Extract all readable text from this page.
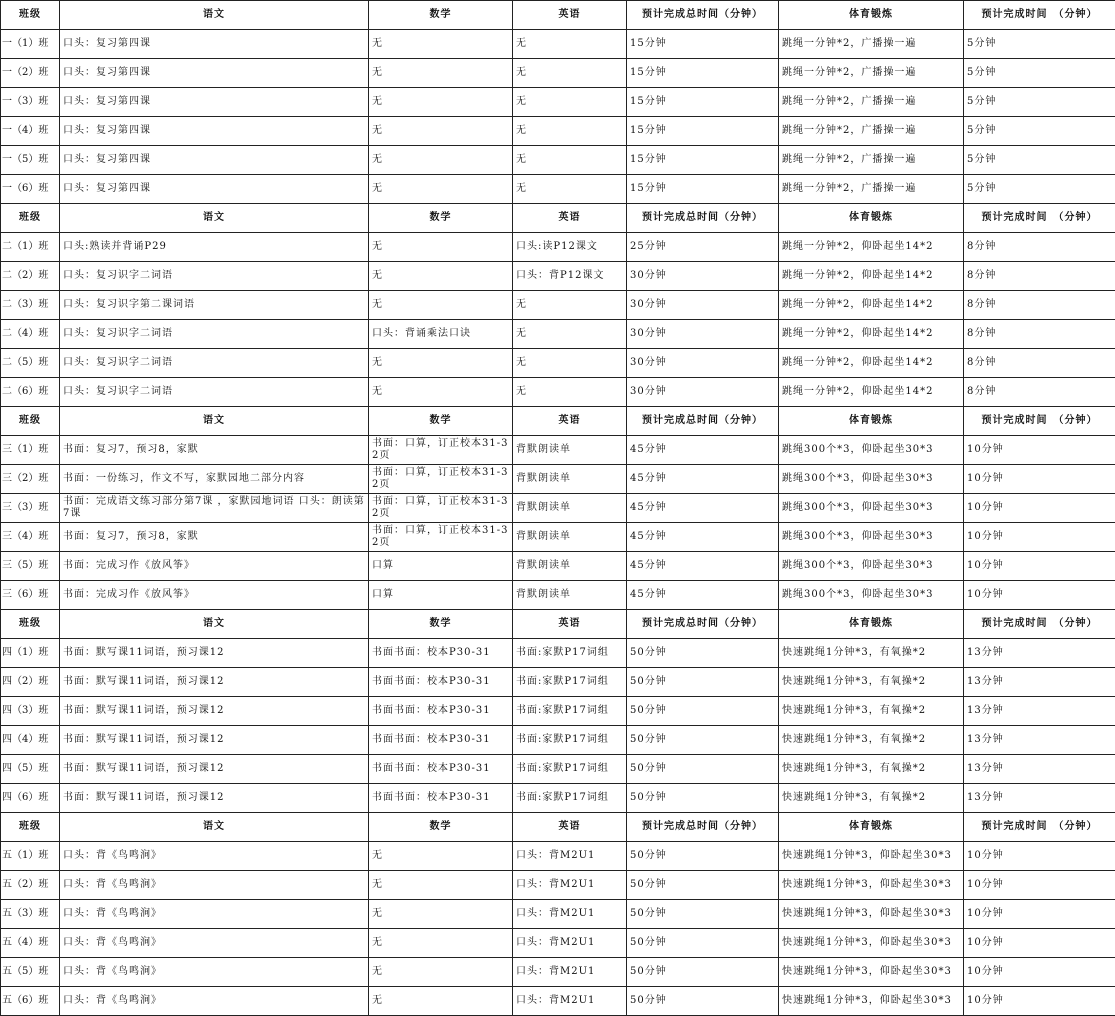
班级	语文	数学	英语	预计完成总时间（分钟）	体育锻炼	预计完成时间　（分钟）
一（1）班	口头：复习第四课	无	无	15分钟	跳绳一分钟*2，广播操一遍	5分钟
一（2）班	口头：复习第四课	无	无	15分钟	跳绳一分钟*2，广播操一遍	5分钟
一（3）班	口头：复习第四课	无	无	15分钟	跳绳一分钟*2，广播操一遍	5分钟
一（4）班	口头：复习第四课	无	无	15分钟	跳绳一分钟*2，广播操一遍	5分钟
一（5）班	口头：复习第四课	无	无	15分钟	跳绳一分钟*2，广播操一遍	5分钟
一（6）班	口头：复习第四课	无	无	15分钟	跳绳一分钟*2，广播操一遍	5分钟
班级	语文	数学	英语	预计完成总时间（分钟）	体育锻炼	预计完成时间　（分钟）
二（1）班	口头:熟读并背诵P29	无	口头:读P12课文	25分钟	跳绳一分钟*2，仰卧起坐14*2	8分钟
二（2）班	口头：复习识字二词语	无	口头：背P12课文	30分钟	跳绳一分钟*2，仰卧起坐14*2	8分钟
二（3）班	口头：复习识字第二课词语	无	无	30分钟	跳绳一分钟*2，仰卧起坐14*2	8分钟
二（4）班	口头：复习识字二词语	口头：背诵乘法口诀	无	30分钟	跳绳一分钟*2，仰卧起坐14*2	8分钟
二（5）班	口头：复习识字二词语	无	无	30分钟	跳绳一分钟*2，仰卧起坐14*2	8分钟
二（6）班	口头：复习识字二词语	无	无	30分钟	跳绳一分钟*2，仰卧起坐14*2	8分钟
班级	语文	数学	英语	预计完成总时间（分钟）	体育锻炼	预计完成时间　（分钟）
三（1）班	书面：复习7，预习8，家默	书面：口算，订正校本31-32页	背默朗读单	45分钟	跳绳300个*3，仰卧起坐30*3	10分钟
三（2）班	书面：一份练习，作文不写，家默园地二部分内容	书面：口算，订正校本31-32页	背默朗读单	45分钟	跳绳300个*3，仰卧起坐30*3	10分钟
三（3）班	书面：完成语文练习部分第7课 ，家默园地词语 口头：朗读第7课	书面：口算，订正校本31-32页	背默朗读单	45分钟	跳绳300个*3，仰卧起坐30*3	10分钟
三（4）班	书面：复习7，预习8，家默	书面：口算，订正校本31-32页	背默朗读单	45分钟	跳绳300个*3，仰卧起坐30*3	10分钟
三（5）班	书面：完成习作《放风筝》	口算	背默朗读单	45分钟	跳绳300个*3，仰卧起坐30*3	10分钟
三（6）班	书面：完成习作《放风筝》	口算	背默朗读单	45分钟	跳绳300个*3，仰卧起坐30*3	10分钟
班级	语文	数学	英语	预计完成总时间（分钟）	体育锻炼	预计完成时间　（分钟）
四（1）班	书面：默写课11词语，预习课12	书面书面：校本P30-31	书面:家默P17词组	50分钟	快速跳绳1分钟*3，有氧操*2	13分钟
四（2）班	书面：默写课11词语，预习课12	书面书面：校本P30-31	书面:家默P17词组	50分钟	快速跳绳1分钟*3，有氧操*2	13分钟
四（3）班	书面：默写课11词语，预习课12	书面书面：校本P30-31	书面:家默P17词组	50分钟	快速跳绳1分钟*3，有氧操*2	13分钟
四（4）班	书面：默写课11词语，预习课12	书面书面：校本P30-31	书面:家默P17词组	50分钟	快速跳绳1分钟*3，有氧操*2	13分钟
四（5）班	书面：默写课11词语，预习课12	书面书面：校本P30-31	书面:家默P17词组	50分钟	快速跳绳1分钟*3，有氧操*2	13分钟
四（6）班	书面：默写课11词语，预习课12	书面书面：校本P30-31	书面:家默P17词组	50分钟	快速跳绳1分钟*3，有氧操*2	13分钟
班级	语文	数学	英语	预计完成总时间（分钟）	体育锻炼	预计完成时间　（分钟）
五（1）班	口头：背《鸟鸣涧》	无	口头：背M2U1	50分钟	快速跳绳1分钟*3，仰卧起坐30*3	10分钟
五（2）班	口头：背《鸟鸣涧》	无	口头：背M2U1	50分钟	快速跳绳1分钟*3，仰卧起坐30*3	10分钟
五（3）班	口头：背《鸟鸣涧》	无	口头：背M2U1	50分钟	快速跳绳1分钟*3，仰卧起坐30*3	10分钟
五（4）班	口头：背《鸟鸣涧》	无	口头：背M2U1	50分钟	快速跳绳1分钟*3，仰卧起坐30*3	10分钟
五（5）班	口头：背《鸟鸣涧》	无	口头：背M2U1	50分钟	快速跳绳1分钟*3，仰卧起坐30*3	10分钟
五（6）班	口头：背《鸟鸣涧》	无	口头：背M2U1	50分钟	快速跳绳1分钟*3，仰卧起坐30*3	10分钟
